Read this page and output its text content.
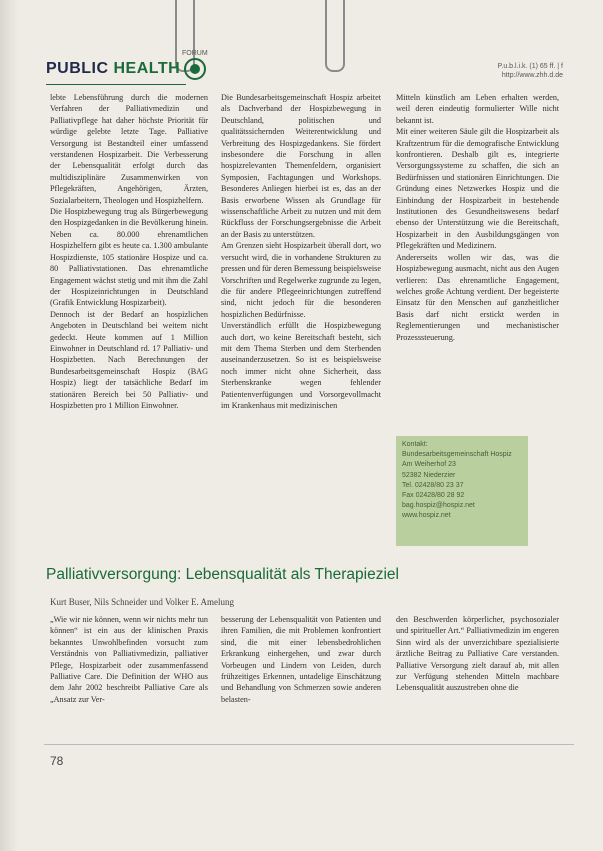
PUBLIC HEALTH
FORUM
P.u.b.l.i.k. (1) 65 ff. | f
http://www.zhh.d.de

lebte Lebensführung durch die modernen Verfahren der Palliativmedizin und Palliativpflege hat daher höchste Priorität für würdige gelebte letzte Tage. Palliative Versorgung ist Bestandteil einer umfassend verstandenen Hospizarbeit. Die Verbesserung der Lebensqualität erfolgt durch das multidisziplinäre Zusammenwirken von Pflegekräften, Angehörigen, Ärzten, Sozialarbeitern, Theologen und Hospizhelfern.

Die Hospizbewegung trug als Bürgerbewegung den Hospizgedanken in die Bevölkerung hinein. Neben ca. 80.000 ehrenamtlichen Hospizhelfern gibt es heute ca. 1.300 ambulante Hospizdienste, 105 stationäre Hospize und ca. 80 Palliativstationen. Das ehrenamtliche Engagement wächst stetig und mit ihm die Zahl der Hospizeinrichtungen in Deutschland (Grafik Entwicklung Hospizarbeit).

Dennoch ist der Bedarf an hospizlichen Angeboten in Deutschland bei weitem nicht gedeckt. Heute kommen auf 1 Million Einwohner in Deutschland rd. 17 Palliativ- und Hospizbetten. Nach Berechnungen der Bundesarbeitsgemeinschaft Hospiz (BAG Hospiz) liegt der tatsächliche Bedarf im stationären Bereich bei 50 Palliativ- und Hospizbetten pro 1 Million Einwohner.

Die Bundesarbeitsgemeinschaft Hospiz arbeitet als Dachverband der Hospizbewegung in Deutschland, politischen und qualitätssichernden Weiterentwicklung und Verbreitung des Hospizgedankens. Sie fördert insbesondere die Forschung in allen hospizrelevanten Themenfeldern, organisiert Symposien, Fachtagungen und Workshops. Besonderes Anliegen hierbei ist es, das an der Basis erworbene Wissen als Grundlage für wissenschaftliche Arbeit zu nutzen und mit dem Rückfluss der Forschungsergebnisse die Arbeit an der Basis zu unterstützen.

Am Grenzen sieht Hospizarbeit überall dort, wo versucht wird, die in vorhandene Strukturen zu pressen und für deren Bemessung beispielsweise Vorschriften und Regelwerke zugrunde zu legen, die für andere Pflegeeinrichtungen zutreffend sind, nicht jedoch für die besonderen hospizlichen Bedürfnisse.

Unverständlich erfüllt die Hospizbewegung auch dort, wo keine Bereitschaft besteht, sich mit dem Thema Sterben und dem Sterbenden auseinanderzusetzen. So ist es beispielsweise noch immer nicht ohne Sicherheit, dass Sterbenskranke wegen fehlender Patientenverfügungen und Vorsorgevollmacht im Krankenhaus mit medizinischen

Mitteln künstlich am Leben erhalten werden, weil deren eindeutig formulierter Wille nicht bekannt ist.

Mit einer weiteren Säule gilt die Hospizarbeit als Kraftzentrum für die demografische Entwicklung konfrontieren. Deshalb gilt es, integrierte Versorgungssysteme zu schaffen, die sich an Bedürfnissen und stationären Einrichtungen. Die Gründung eines Netzwerkes Hospiz und die Einbindung der Hospizarbeit in bestehende Institutionen des Gesundheitswesens bedarf ebenso der Unterstützung wie die Bereitschaft, Hospizarbeit in den Ausbildungsgängen von Pflegekräften und Medizinern.

Andererseits wollen wir das, was die Hospizbewegung ausmacht, nicht aus den Augen verlieren: Das ehrenamtliche Engagement, welches große Achtung verdient. Der begeisterte Einsatz für den Menschen auf ganzheitlicher Basis darf nicht erstickt werden in Reglementierungen und mechanistischer Prozesssteuerung.

Kontakt:
Bundesarbeitsgemeinschaft Hospiz
Am Weiherhof 23
52382 Niederzier
Tel. 02428/80 23 37
Fax 02428/80 28 92
bag.hospiz@hospiz.net
www.hospiz.net
Palliativversorgung: Lebensqualität als Therapieziel
Kurt Buser, Nils Schneider und Volker E. Amelung

„Wie wir nie können, wenn wir nichts mehr tun können“ ist ein aus der klinischen Praxis bekanntes Unwohlbefinden vorsucht zum Verständnis von Palliativmedizin, palliativer Pflege, Hospizarbeit oder zusammenfassend Palliative Care. Die Definition der WHO aus dem Jahr 2002 beschreibt Palliative Care als „Ansatz zur Ver-

besserung der Lebensqualität von Patienten und ihren Familien, die mit Problemen konfrontiert sind, die mit einer lebensbedrohlichen Erkrankung einhergehen, und zwar durch Vorbeugen und Lindern von Leiden, durch frühzeitiges Erkennen, untadelige Einschätzung und Behandlung von Schmerzen sowie anderen belasten-

den Beschwerden körperlicher, psychosozialer und spiritueller Art.“ Palliativmedizin im engeren Sinn wird als der unverzichtbare spezialisierte ärztliche Beitrag zu Palliative Care verstanden. Palliative Versorgung zielt darauf ab, mit allen zur Verfügung stehenden Mitteln machbare Lebensqualität auszustreben ohne die

78
